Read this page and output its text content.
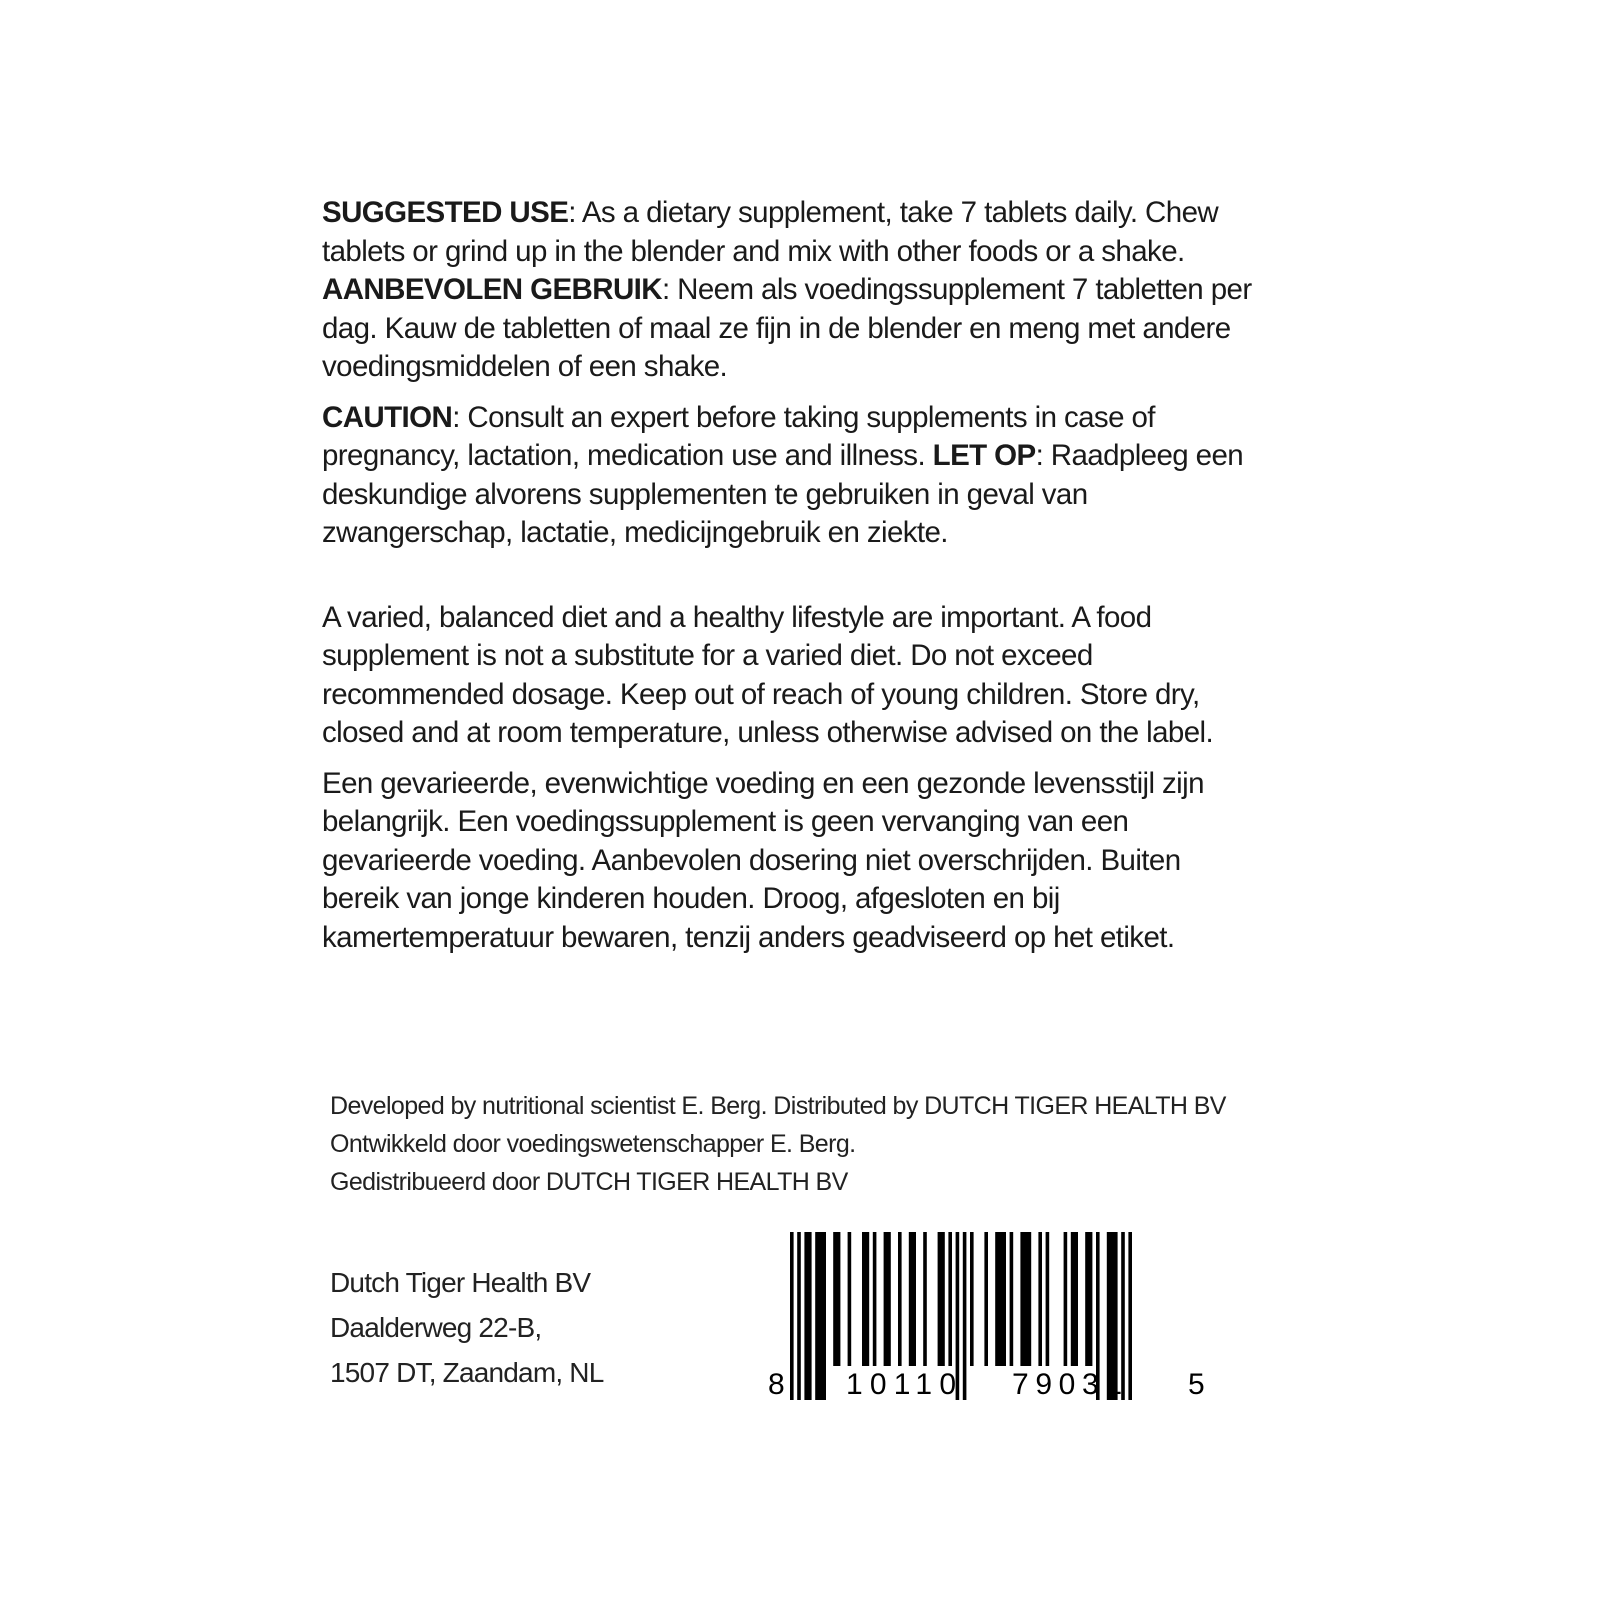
SUGGESTED USE: As a dietary supplement, take 7 tablets daily. Chew tablets or grind up in the blender and mix with other foods or a shake. AANBEVOLEN GEBRUIK: Neem als voedingssupplement 7 tabletten per dag. Kauw de tabletten of maal ze fijn in de blender en meng met andere voedingsmiddelen of een shake.

CAUTION: Consult an expert before taking supplements in case of pregnancy, lactation, medication use and illness. LET OP: Raadpleeg een deskundige alvorens supplementen te gebruiken in geval van zwangerschap, lactatie, medicijngebruik en ziekte.

A varied, balanced diet and a healthy lifestyle are important. A food supplement is not a substitute for a varied diet. Do not exceed recommended dosage. Keep out of reach of young children. Store dry, closed and at room temperature, unless otherwise advised on the label.

Een gevarieerde, evenwichtige voeding en een gezonde levensstijl zijn belangrijk. Een voedingssupplement is geen vervanging van een gevarieerde voeding. Aanbevolen dosering niet overschrijden. Buiten bereik van jonge kinderen houden. Droog, afgesloten en bij kamertemperatuur bewaren, tenzij anders geadviseerd op het etiket.

Developed by nutritional scientist E. Berg. Distributed by DUTCH TIGER HEALTH BV
Ontwikkeld door voedingswetenschapper E. Berg.
Gedistribueerd door DUTCH TIGER HEALTH BV
Dutch Tiger Health BV
Daalderweg 22-B,
1507 DT, Zaandam, NL	8 10110 79031 5
